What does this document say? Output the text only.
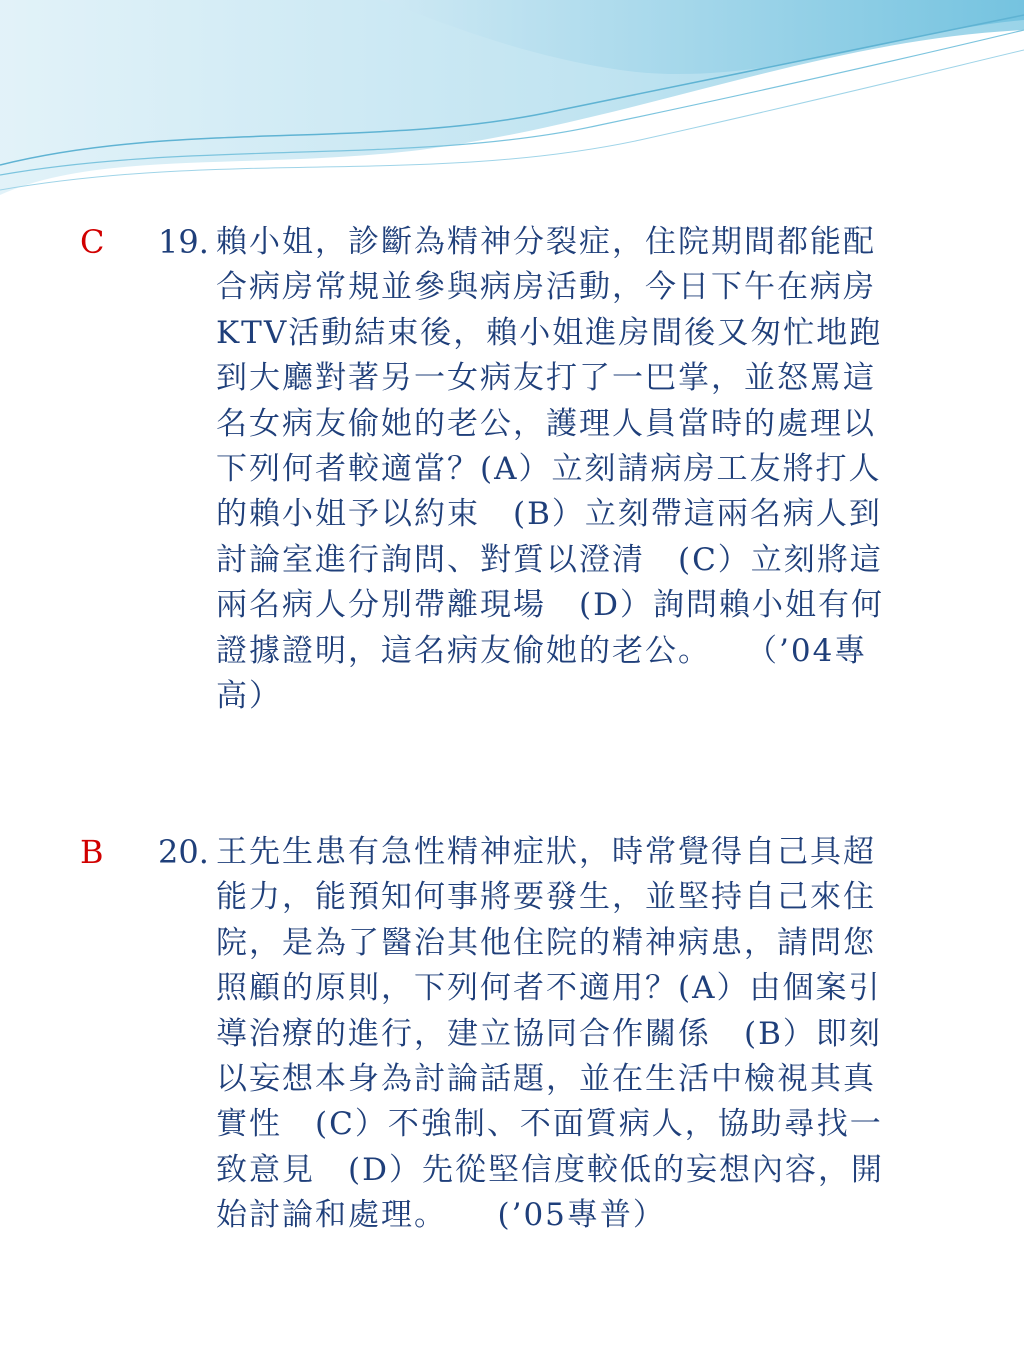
C 19. 賴小姐，診斷為精神分裂症，住院期間都能配合病房常規並參與病房活動，今日下午在病房KTV活動結束後，賴小姐進房間後又匆忙地跑到大廳對著另一女病友打了一巴掌，並怒罵這名女病友偷她的老公，護理人員當時的處理以下列何者較適當？(A）立刻請病房工友將打人的賴小姐予以約束　(B）立刻帶這兩名病人到討論室進行詢問、對質以澄清　(C）立刻將這兩名病人分別帶離現場　(D）詢問賴小姐有何證據證明，這名病友偷她的老公。　　（’04專高）
B 20. 王先生患有急性精神症狀，時常覺得自己具超能力，能預知何事將要發生，並堅持自己來住院，是為了醫治其他住院的精神病患，請問您照顧的原則，下列何者不適用？(A）由個案引導治療的進行，建立協同合作關係　(B）即刻以妄想本身為討論話題，並在生活中檢視其真實性　(C）不強制、不面質病人，協助尋找一致意見　(D）先從堅信度較低的妄想內容，開始討論和處理。　　(’05專普）
